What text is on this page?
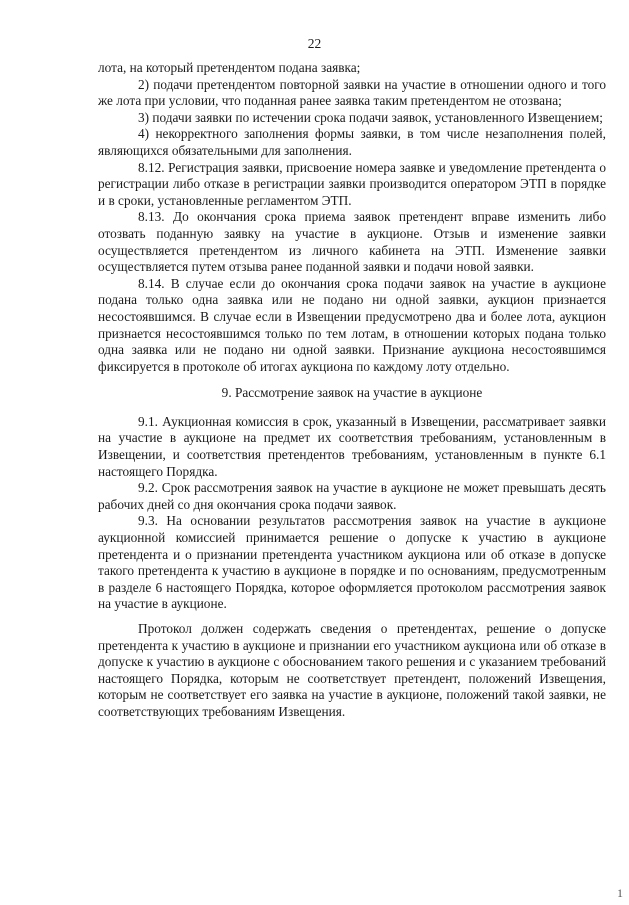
22

лота, на который претендентом подана заявка;

2) подачи претендентом повторной заявки на участие в отношении одного и того же лота при условии, что поданная ранее заявка таким претендентом не отозвана;

3) подачи заявки по истечении срока подачи заявок, установленного Извещением;

4) некорректного заполнения формы заявки, в том числе незаполнения полей, являющихся обязательными для заполнения.

8.12. Регистрация заявки, присвоение номера заявке и уведомление претендента о регистрации либо отказе в регистрации заявки производится оператором ЭТП в порядке и в сроки, установленные регламентом ЭТП.

8.13. До окончания срока приема заявок претендент вправе изменить либо отозвать поданную заявку на участие в аукционе. Отзыв и изменение заявки осуществляется претендентом из личного кабинета на ЭТП. Изменение заявки осуществляется путем отзыва ранее поданной заявки и подачи новой заявки.

8.14. В случае если до окончания срока подачи заявок на участие в аукционе подана только одна заявка или не подано ни одной заявки, аукцион признается несостоявшимся. В случае если в Извещении предусмотрено два и более лота, аукцион признается несостоявшимся только по тем лотам, в отношении которых подана только одна заявка или не подано ни одной заявки. Признание аукциона несостоявшимся фиксируется в протоколе об итогах аукциона по каждому лоту отдельно.

9. Рассмотрение заявок на участие в аукционе

9.1. Аукционная комиссия в срок, указанный в Извещении, рассматривает заявки на участие в аукционе на предмет их соответствия требованиям, установленным в Извещении, и соответствия претендентов требованиям, установленным в пункте 6.1 настоящего Порядка.

9.2. Срок рассмотрения заявок на участие в аукционе не может превышать десять рабочих дней со дня окончания срока подачи заявок.

9.3. На основании результатов рассмотрения заявок на участие в аукционе аукционной комиссией принимается решение о допуске к участию в аукционе претендента и о признании претендента участником аукциона или об отказе в допуске такого претендента к участию в аукционе в порядке и по основаниям, предусмотренным в разделе 6 настоящего Порядка, которое оформляется протоколом рассмотрения заявок на участие в аукционе.

Протокол должен содержать сведения о претендентах, решение о допуске претендента к участию в аукционе и признании его участником аукциона или об отказе в допуске к участию в аукционе с обоснованием такого решения и с указанием требований настоящего Порядка, которым не соответствует претендент, положений Извещения, которым не соответствует его заявка на участие в аукционе, положений такой заявки, не соответствующих требованиям Извещения.

1
